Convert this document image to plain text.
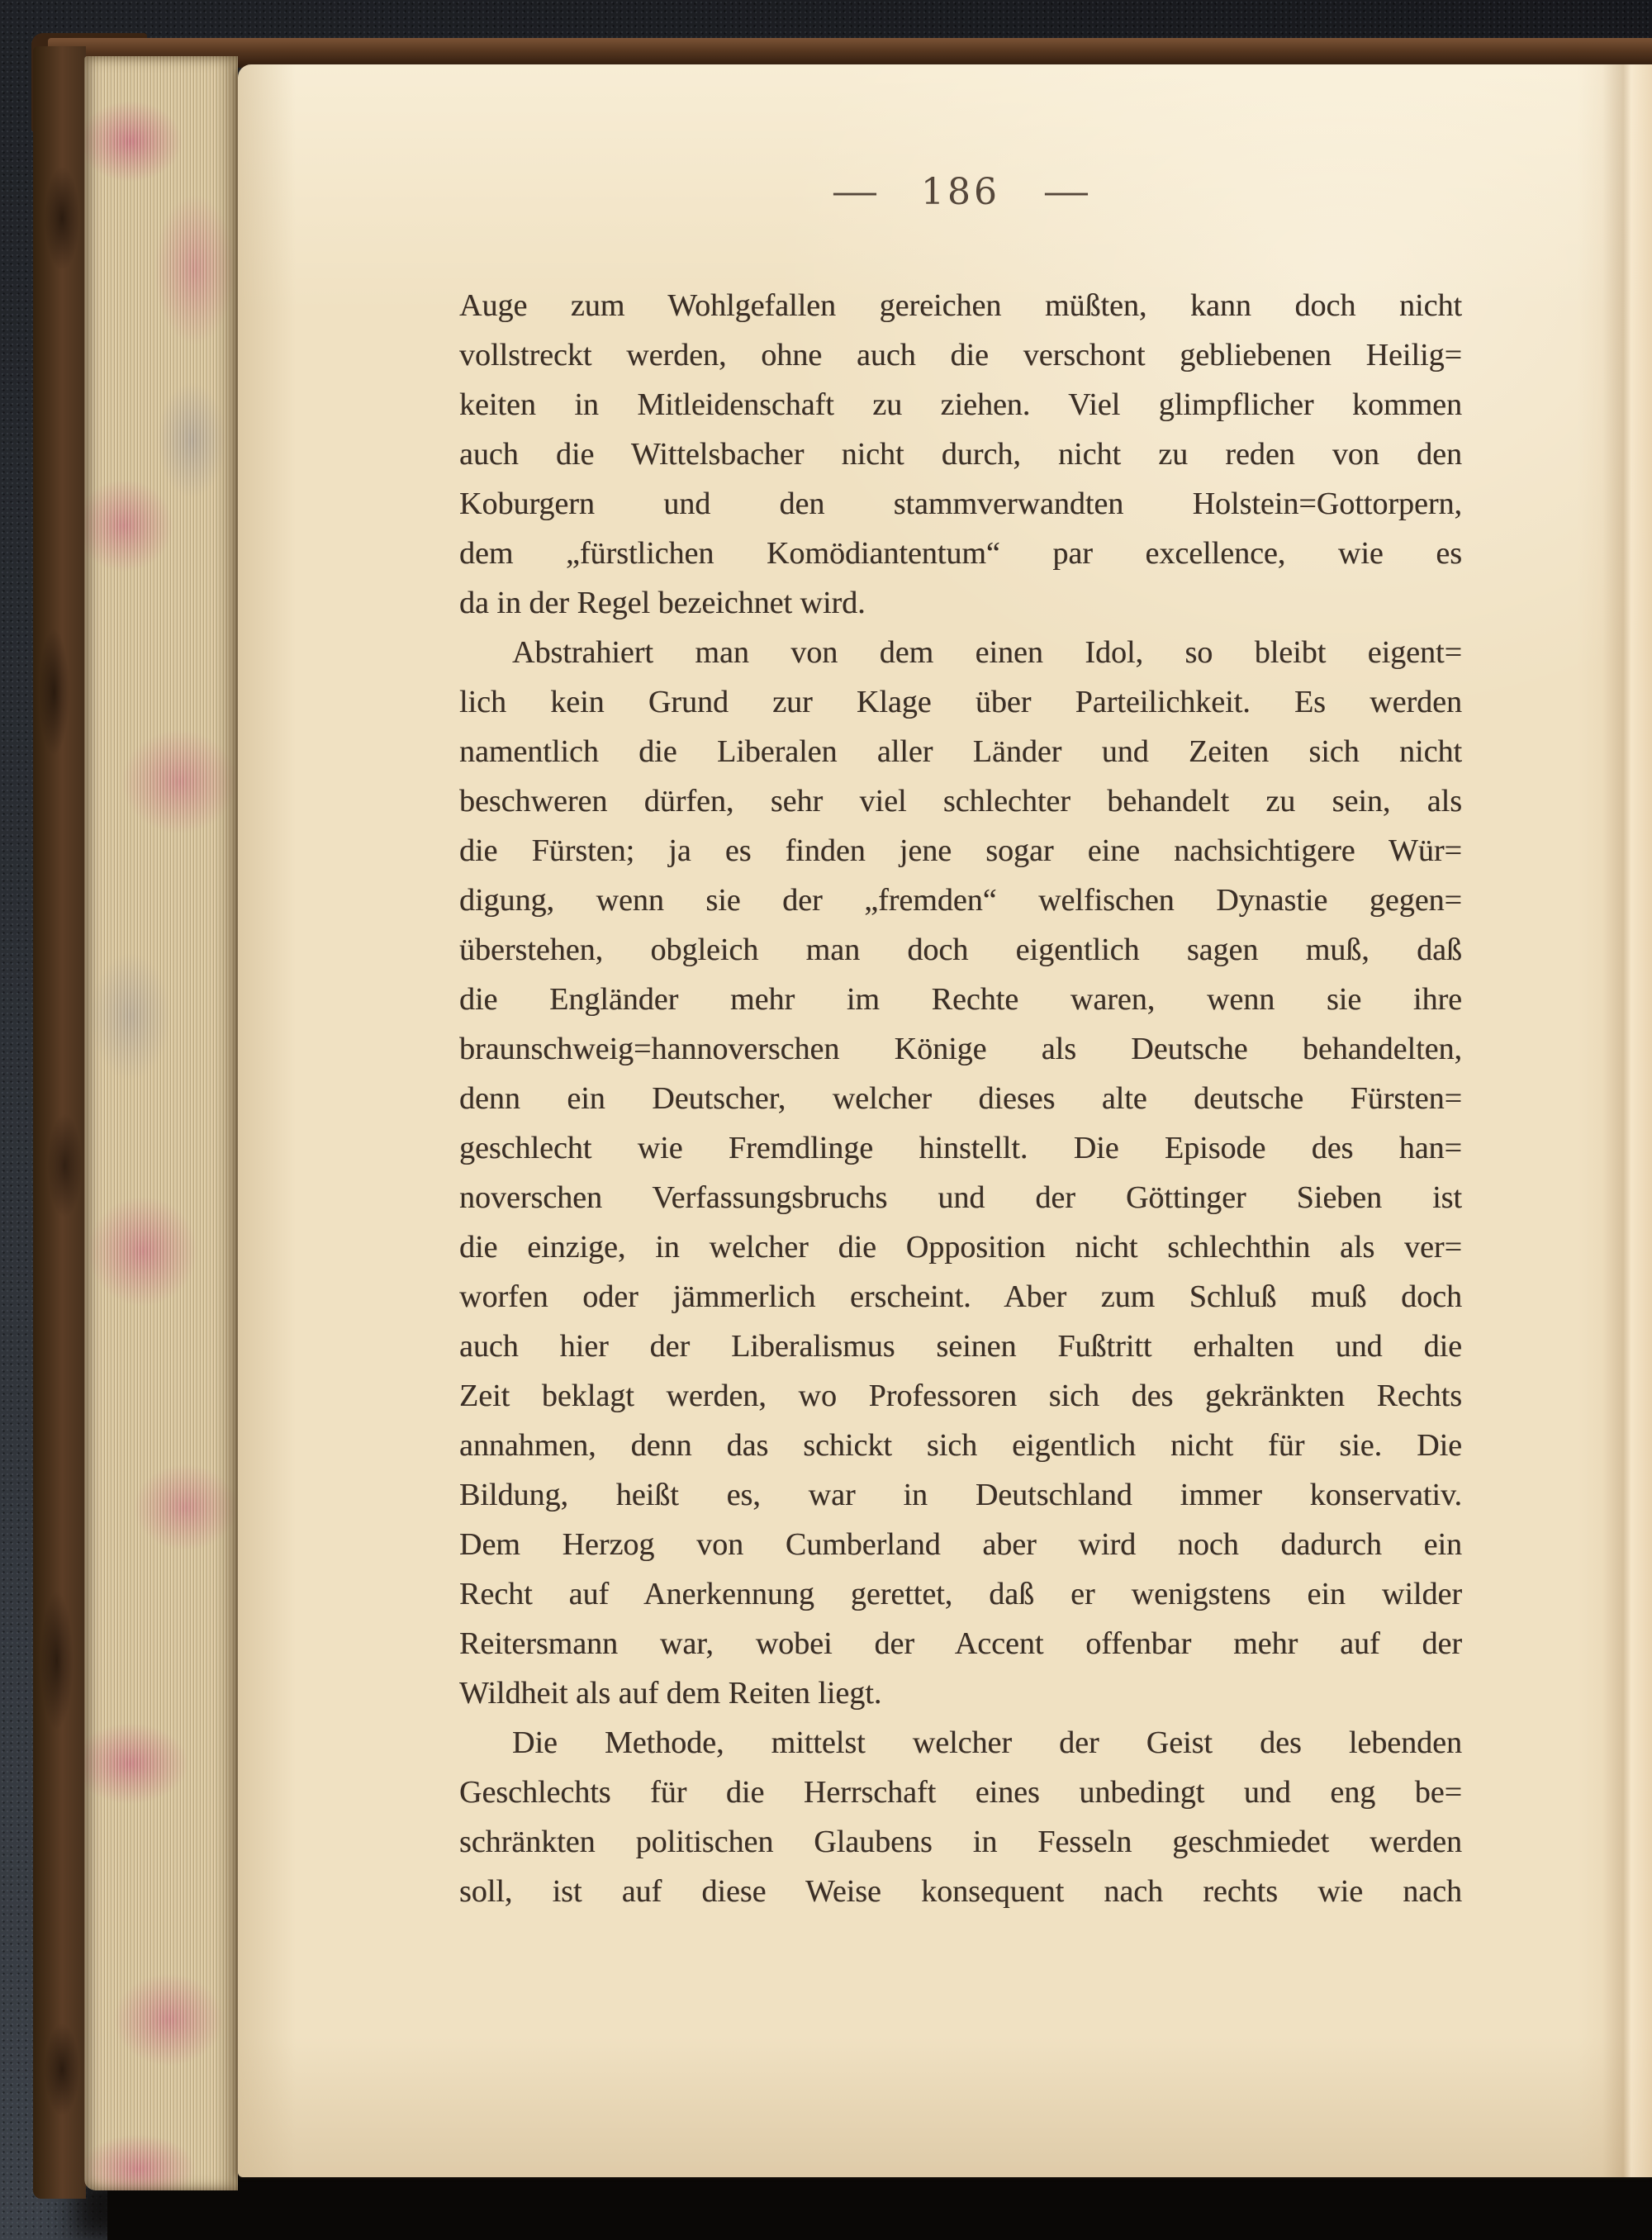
— 186 —
Auge zum Wohlgefallen gereichen müßten, kann doch nicht
vollstreckt werden, ohne auch die verschont gebliebenen Heilig=
keiten in Mitleidenschaft zu ziehen. Viel glimpflicher kommen
auch die Wittelsbacher nicht durch, nicht zu reden von den
Koburgern und den stammverwandten Holstein=Gottorpern,
dem „fürstlichen Komödiantentum“ par excellence, wie es
da in der Regel bezeichnet wird.
Abstrahiert man von dem einen Idol, so bleibt eigent=
lich kein Grund zur Klage über Parteilichkeit. Es werden
namentlich die Liberalen aller Länder und Zeiten sich nicht
beschweren dürfen, sehr viel schlechter behandelt zu sein, als
die Fürsten; ja es finden jene sogar eine nachsichtigere Wür=
digung, wenn sie der „fremden“ welfischen Dynastie gegen=
überstehen, obgleich man doch eigentlich sagen muß, daß
die Engländer mehr im Rechte waren, wenn sie ihre
braunschweig=hannoverschen Könige als Deutsche behandelten,
denn ein Deutscher, welcher dieses alte deutsche Fürsten=
geschlecht wie Fremdlinge hinstellt. Die Episode des han=
noverschen Verfassungsbruchs und der Göttinger Sieben ist
die einzige, in welcher die Opposition nicht schlechthin als ver=
worfen oder jämmerlich erscheint. Aber zum Schluß muß doch
auch hier der Liberalismus seinen Fußtritt erhalten und die
Zeit beklagt werden, wo Professoren sich des gekränkten Rechts
annahmen, denn das schickt sich eigentlich nicht für sie. Die
Bildung, heißt es, war in Deutschland immer konservativ.
Dem Herzog von Cumberland aber wird noch dadurch ein
Recht auf Anerkennung gerettet, daß er wenigstens ein wilder
Reitersmann war, wobei der Accent offenbar mehr auf der
Wildheit als auf dem Reiten liegt.
Die Methode, mittelst welcher der Geist des lebenden
Geschlechts für die Herrschaft eines unbedingt und eng be=
schränkten politischen Glaubens in Fesseln geschmiedet werden
soll, ist auf diese Weise konsequent nach rechts wie nach
